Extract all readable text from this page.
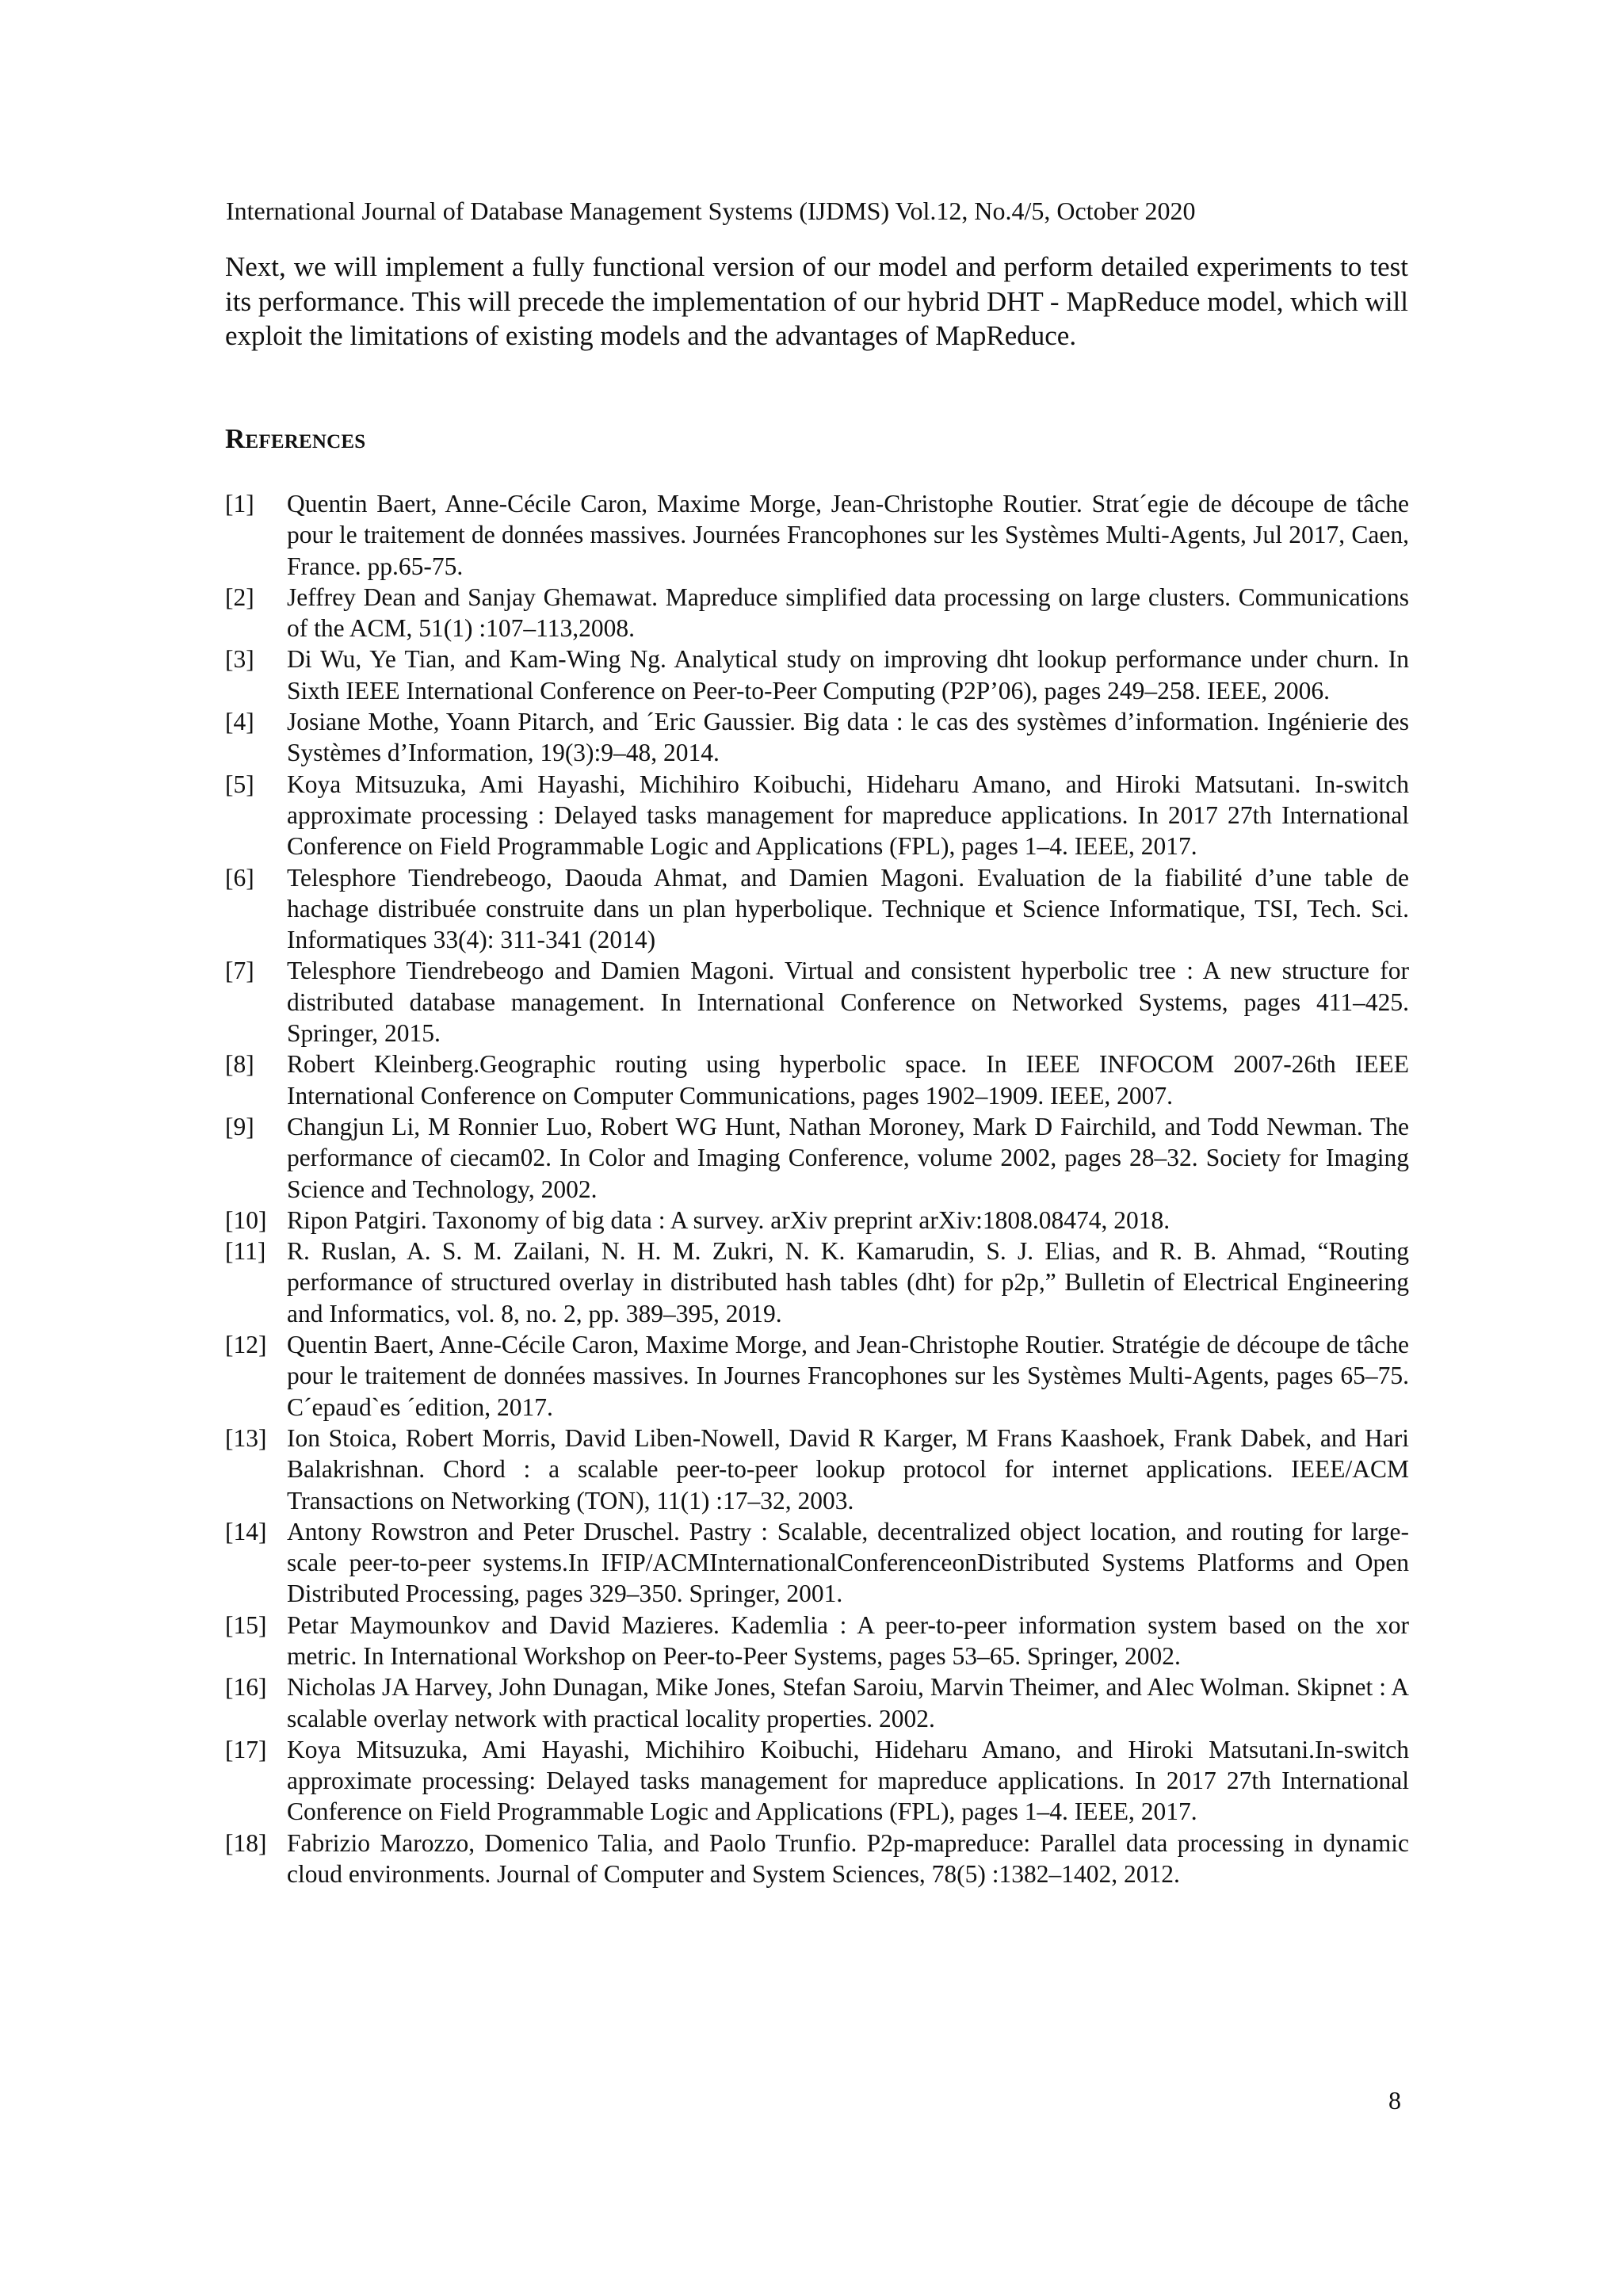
International Journal of Database Management Systems (IJDMS) Vol.12, No.4/5, October 2020

Next, we will implement a fully functional version of our model and perform detailed experiments to test its performance. This will precede the implementation of our hybrid DHT - MapReduce model, which will exploit the limitations of existing models and the advantages of MapReduce.

References
[1]	Quentin Baert, Anne-Cécile Caron, Maxime Morge, Jean-Christophe Routier. Strat´egie de découpe de tâche pour le traitement de données massives. Journées Francophones sur les Systèmes Multi-Agents, Jul 2017, Caen, France. pp.65-75.
[2]	Jeffrey Dean and Sanjay Ghemawat. Mapreduce simplified data processing on large clusters. Communications of the ACM, 51(1) :107–113,2008.
[3]	Di Wu, Ye Tian, and Kam-Wing Ng. Analytical study on improving dht lookup performance under churn. In Sixth IEEE International Conference on Peer-to-Peer Computing (P2P’06), pages 249–258. IEEE, 2006.
[4]	Josiane Mothe, Yoann Pitarch, and ´Eric Gaussier. Big data : le cas des systèmes d’information. Ingénierie des Systèmes d’Information, 19(3):9–48, 2014.
[5]	Koya Mitsuzuka, Ami Hayashi, Michihiro Koibuchi, Hideharu Amano, and Hiroki Matsutani. In-switch approximate processing : Delayed tasks management for mapreduce applications. In 2017 27th International Conference on Field Programmable Logic and Applications (FPL), pages 1–4. IEEE, 2017.
[6]	Telesphore Tiendrebeogo, Daouda Ahmat, and Damien Magoni. Evaluation de la fiabilité d’une table de hachage distribuée construite dans un plan hyperbolique. Technique et Science Informatique, TSI, Tech. Sci. Informatiques 33(4): 311-341 (2014)
[7]	Telesphore Tiendrebeogo and Damien Magoni. Virtual and consistent hyperbolic tree : A new structure for distributed database management. In International Conference on Networked Systems, pages 411–425. Springer, 2015.
[8]	Robert Kleinberg.Geographic routing using hyperbolic space. In IEEE INFOCOM 2007-26th IEEE International Conference on Computer Communications, pages 1902–1909. IEEE, 2007.
[9]	Changjun Li, M Ronnier Luo, Robert WG Hunt, Nathan Moroney, Mark D Fairchild, and Todd Newman. The performance of ciecam02. In Color and Imaging Conference, volume 2002, pages 28–32. Society for Imaging Science and Technology, 2002.
[10] Ripon Patgiri. Taxonomy of big data : A survey. arXiv preprint arXiv:1808.08474, 2018.
[11] R. Ruslan, A. S. M. Zailani, N. H. M. Zukri, N. K. Kamarudin, S. J. Elias, and R. B. Ahmad, “Routing performance of structured overlay in distributed hash tables (dht) for p2p,” Bulletin of Electrical Engineering and Informatics, vol. 8, no. 2, pp. 389–395, 2019.
[12] Quentin Baert, Anne-Cécile Caron, Maxime Morge, and Jean-Christophe Routier. Stratégie de découpe de tâche pour le traitement de données massives. In Journes Francophones sur les Systèmes Multi-Agents, pages 65–75. C´epaud`es ´edition, 2017.
[13] Ion Stoica, Robert Morris, David Liben-Nowell, David R Karger, M Frans Kaashoek, Frank Dabek, and Hari Balakrishnan. Chord : a scalable peer-to-peer lookup protocol for internet applications. IEEE/ACM Transactions on Networking (TON), 11(1) :17–32, 2003.
[14] Antony Rowstron and Peter Druschel. Pastry : Scalable, decentralized object location, and routing for large-scale peer-to-peer systems.In IFIP/ACMInternationalConferenceonDistributed Systems Platforms and Open Distributed Processing, pages 329–350. Springer, 2001.
[15] Petar Maymounkov and David Mazieres. Kademlia : A peer-to-peer information system based on the xor metric. In International Workshop on Peer-to-Peer Systems, pages 53–65. Springer, 2002.
[16] Nicholas JA Harvey, John Dunagan, Mike Jones, Stefan Saroiu, Marvin Theimer, and Alec Wolman. Skipnet : A scalable overlay network with practical locality properties. 2002.
[17] Koya Mitsuzuka, Ami Hayashi, Michihiro Koibuchi, Hideharu Amano, and Hiroki Matsutani.In-switch approximate processing: Delayed tasks management for mapreduce applications. In 2017 27th International Conference on Field Programmable Logic and Applications (FPL), pages 1–4. IEEE, 2017.
[18] Fabrizio Marozzo, Domenico Talia, and Paolo Trunfio. P2p-mapreduce: Parallel data processing in dynamic cloud environments. Journal of Computer and System Sciences, 78(5) :1382–1402, 2012.
8
